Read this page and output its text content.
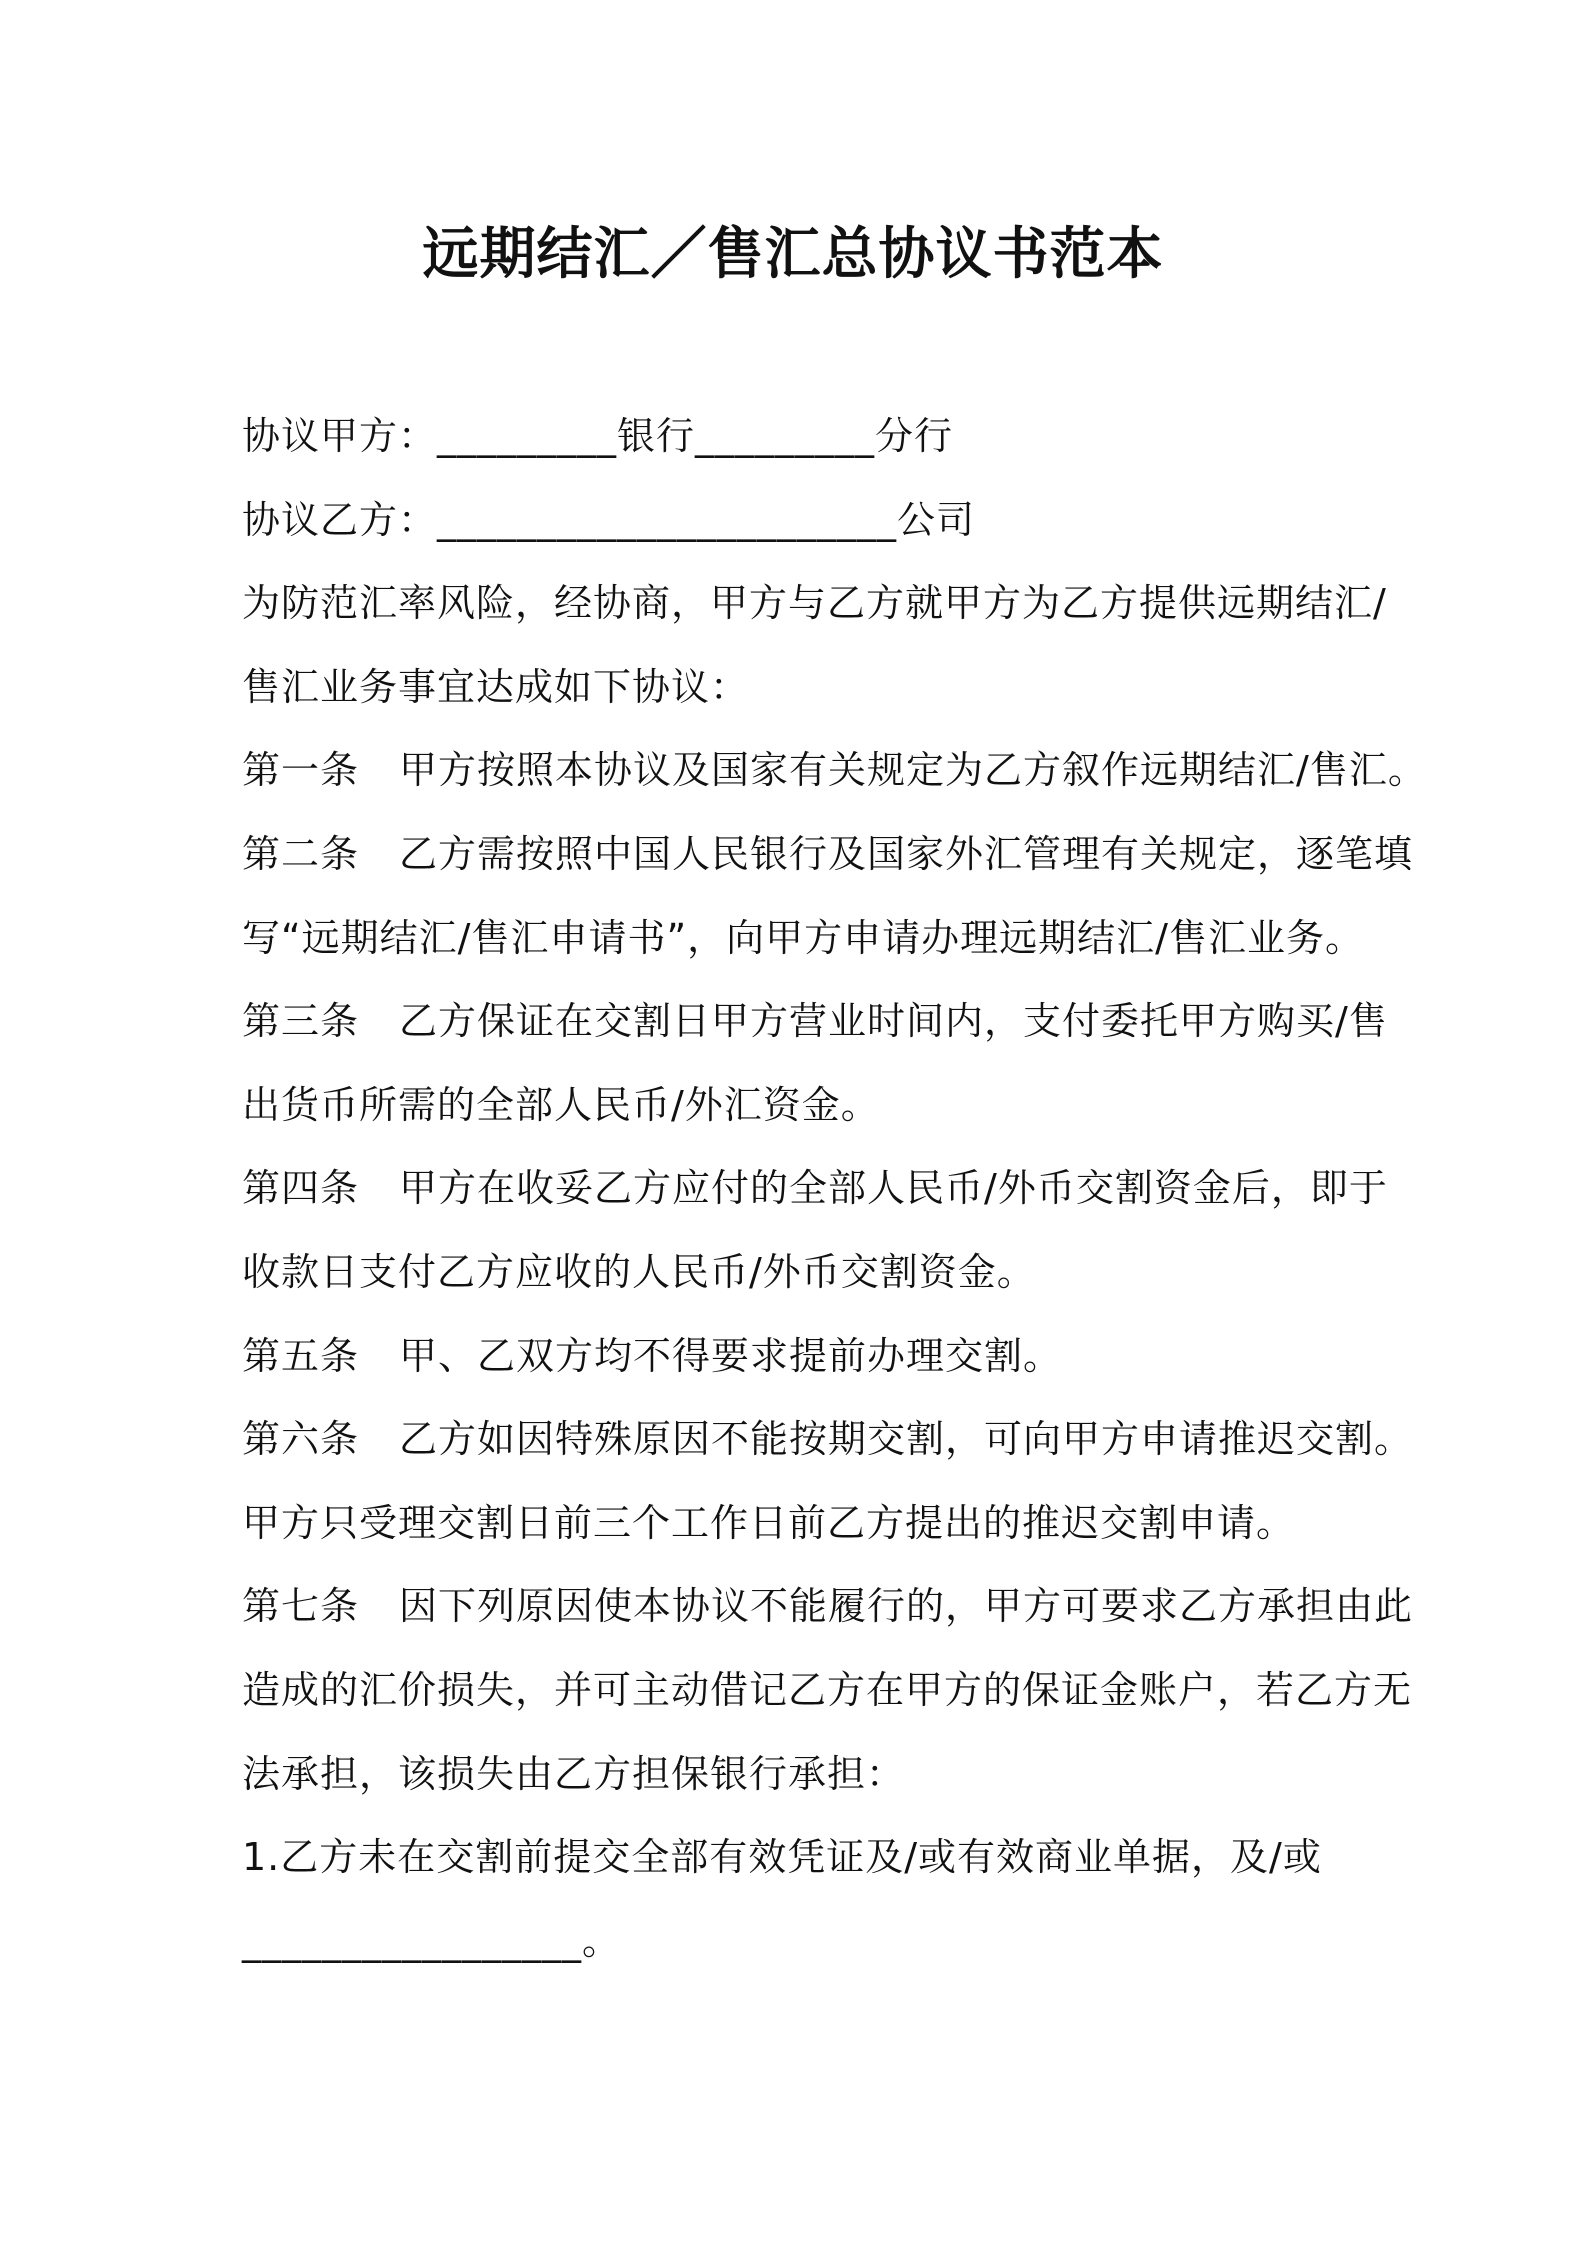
远期结汇／售汇总协议书范本
协议甲方：_________银行_________分行
协议乙方：_______________________公司
为防范汇率风险，经协商，甲方与乙方就甲方为乙方提供远期结汇/
售汇业务事宜达成如下协议：
第一条 甲方按照本协议及国家有关规定为乙方叙作远期结汇/售汇。
第二条 乙方需按照中国人民银行及国家外汇管理有关规定，逐笔填
写“远期结汇/售汇申请书”，向甲方申请办理远期结汇/售汇业务。
第三条 乙方保证在交割日甲方营业时间内，支付委托甲方购买/售
出货币所需的全部人民币/外汇资金。
第四条 甲方在收妥乙方应付的全部人民币/外币交割资金后，即于
收款日支付乙方应收的人民币/外币交割资金。
第五条 甲、乙双方均不得要求提前办理交割。
第六条 乙方如因特殊原因不能按期交割，可向甲方申请推迟交割。
甲方只受理交割日前三个工作日前乙方提出的推迟交割申请。
第七条 因下列原因使本协议不能履行的，甲方可要求乙方承担由此
造成的汇价损失，并可主动借记乙方在甲方的保证金账户，若乙方无
法承担，该损失由乙方担保银行承担：
1.乙方未在交割前提交全部有效凭证及/或有效商业单据，及/或
_________________。
